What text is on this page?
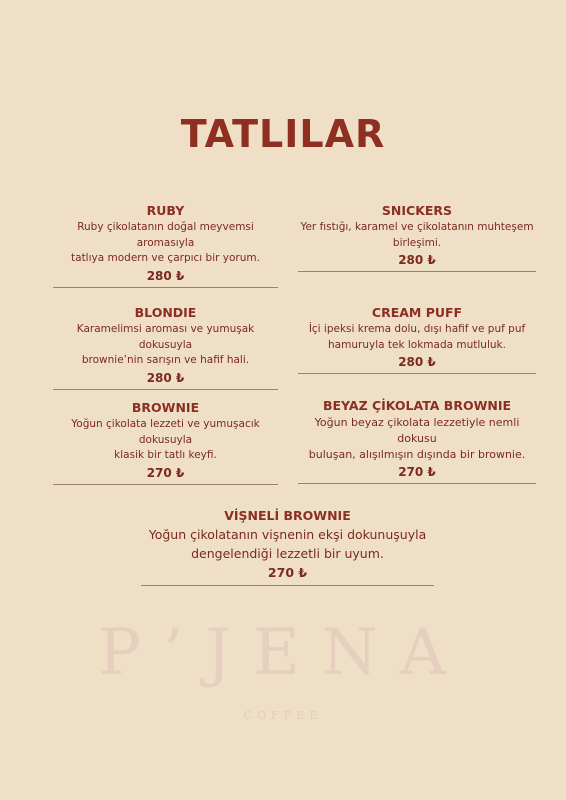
TATLILAR
RUBY
Ruby çikolatanın doğal meyvemsi aromasıyla
tatlıya modern ve çarpıcı bir yorum.
280 ₺
SNICKERS
Yer fıstığı, karamel ve çikolatanın muhteşem
birleşimi.
280 ₺
BLONDIE
Karamelimsi aroması ve yumuşak dokusuyla
brownie’nin sarışın ve hafif hali.
280 ₺
CREAM PUFF
İçi ipeksi krema dolu, dışı hafif ve puf puf
hamuruyla tek lokmada mutluluk.
280 ₺
BROWNIE
Yoğun çikolata lezzeti ve yumuşacık dokusuyla
klasik bir tatlı keyfi.
270 ₺
BEYAZ ÇİKOLATA BROWNIE
Yoğun beyaz çikolata lezzetiyle nemli dokusu
buluşan, alışılmışın dışında bir brownie.
270 ₺
VİŞNELİ BROWNIE
Yoğun çikolatanın vişnenin ekşi dokunuşuyla
dengelendiği lezzetli bir uyum.
270 ₺
P’JENA
COFFEE
